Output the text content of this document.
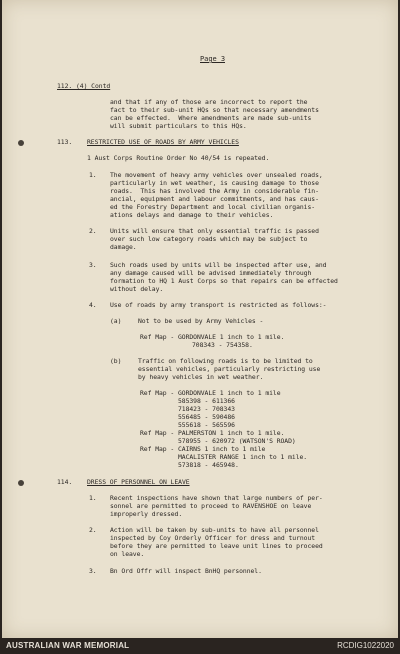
Page 3
112. (4) Contd
and that if any of those are incorrect to report the
fact to their sub-unit HQs so that necessary amendments
can be effected.  Where amendments are made sub-units
will submit particulars to this HQs.
113. RESTRICTED USE OF ROADS BY ARMY VEHICLES
1 Aust Corps Routine Order No 40/54 is repeated.
1. The movement of heavy army vehicles over unsealed roads,
particularly in wet weather, is causing damage to those
roads.  This has involved the Army in considerable fin-
ancial, equipment and labour commitments, and has caus-
ed the Forestry Department and local civilian organis-
ations delays and damage to their vehicles.
2. Units will ensure that only essential traffic is passed
over such low category roads which may be subject to
damage.
3. Such roads used by units will be inspected after use, and
any damage caused will be advised immediately through
formation to HQ 1 Aust Corps so that repairs can be effected
without delay.
4. Use of roads by army transport is restricted as follows:-
(a)	Not to be used by Army Vehicles -
Ref Map - GORDONVALE 1 inch to 1 mile.
708343 - 754358.
(b)	Traffic on following roads is to be limited to
essential vehicles, particularly restricting use
by heavy vehicles in wet weather.
Ref Map - GORDONVALE 1 inch to 1 mile
585398 - 611366
718423 - 708343
556485 - 590486
555618 - 565596
Ref Map - PALMERSTON 1 inch to 1 mile.
578955 - 620972 (WATSON'S ROAD)
Ref Map - CAIRNS 1 inch to 1 mile
MACALISTER RANGE 1 inch to 1 mile.
573818 - 465948.
114. DRESS OF PERSONNEL ON LEAVE
1. Recent inspections have shown that large numbers of per-
sonnel are permitted to proceed to RAVENSHOE on leave
improperly dressed.
2. Action will be taken by sub-units to have all personnel
inspected by Coy Orderly Officer for dress and turnout
before they are permitted to leave unit lines to proceed
on leave.
3. Bn Ord Offr will inspect BnHQ personnel.
AUSTRALIAN WAR MEMORIAL	RCDIG1022020
